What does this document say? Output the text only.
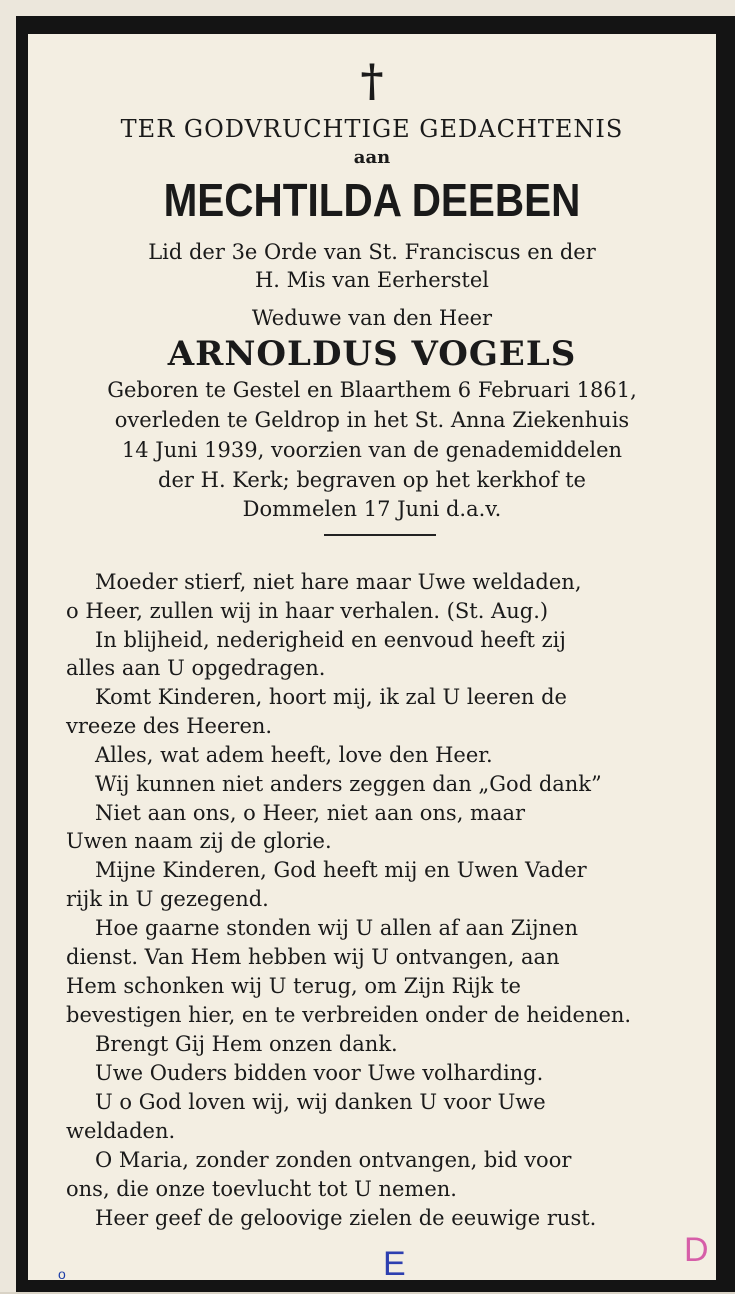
†
TER GODVRUCHTIGE GEDACHTENIS
aan
MECHTILDA DEEBEN
Lid der 3e Orde van St. Franciscus en der
H. Mis van Eerherstel
Weduwe van den Heer
ARNOLDUS VOGELS
Geboren te Gestel en Blaarthem 6 Februari 1861,
overleden te Geldrop in het St. Anna Ziekenhuis
14 Juni 1939, voorzien van de genademiddelen
der H. Kerk; begraven op het kerkhof te
Dommelen 17 Juni d.a.v.
Moeder stierf, niet hare maar Uwe weldaden,
o Heer, zullen wij in haar verhalen. (St. Aug.)
In blijheid, nederigheid en eenvoud heeft zij
alles aan U opgedragen.
Komt Kinderen, hoort mij, ik zal U leeren de
vreeze des Heeren.
Alles, wat adem heeft, love den Heer.
Wij kunnen niet anders zeggen dan „God dank”
Niet aan ons, o Heer, niet aan ons, maar
Uwen naam zij de glorie.
Mijne Kinderen, God heeft mij en Uwen Vader
rijk in U gezegend.
Hoe gaarne stonden wij U allen af aan Zijnen
dienst. Van Hem hebben wij U ontvangen, aan
Hem schonken wij U terug, om Zijn Rijk te
bevestigen hier, en te verbreiden onder de heidenen.
Brengt Gij Hem onzen dank.
Uwe Ouders bidden voor Uwe volharding.
U o God loven wij, wij danken U voor Uwe
weldaden.
O Maria, zonder zonden ontvangen, bid voor
ons, die onze toevlucht tot U nemen.
Heer geef de geloovige zielen de eeuwige rust.
o	E	D
